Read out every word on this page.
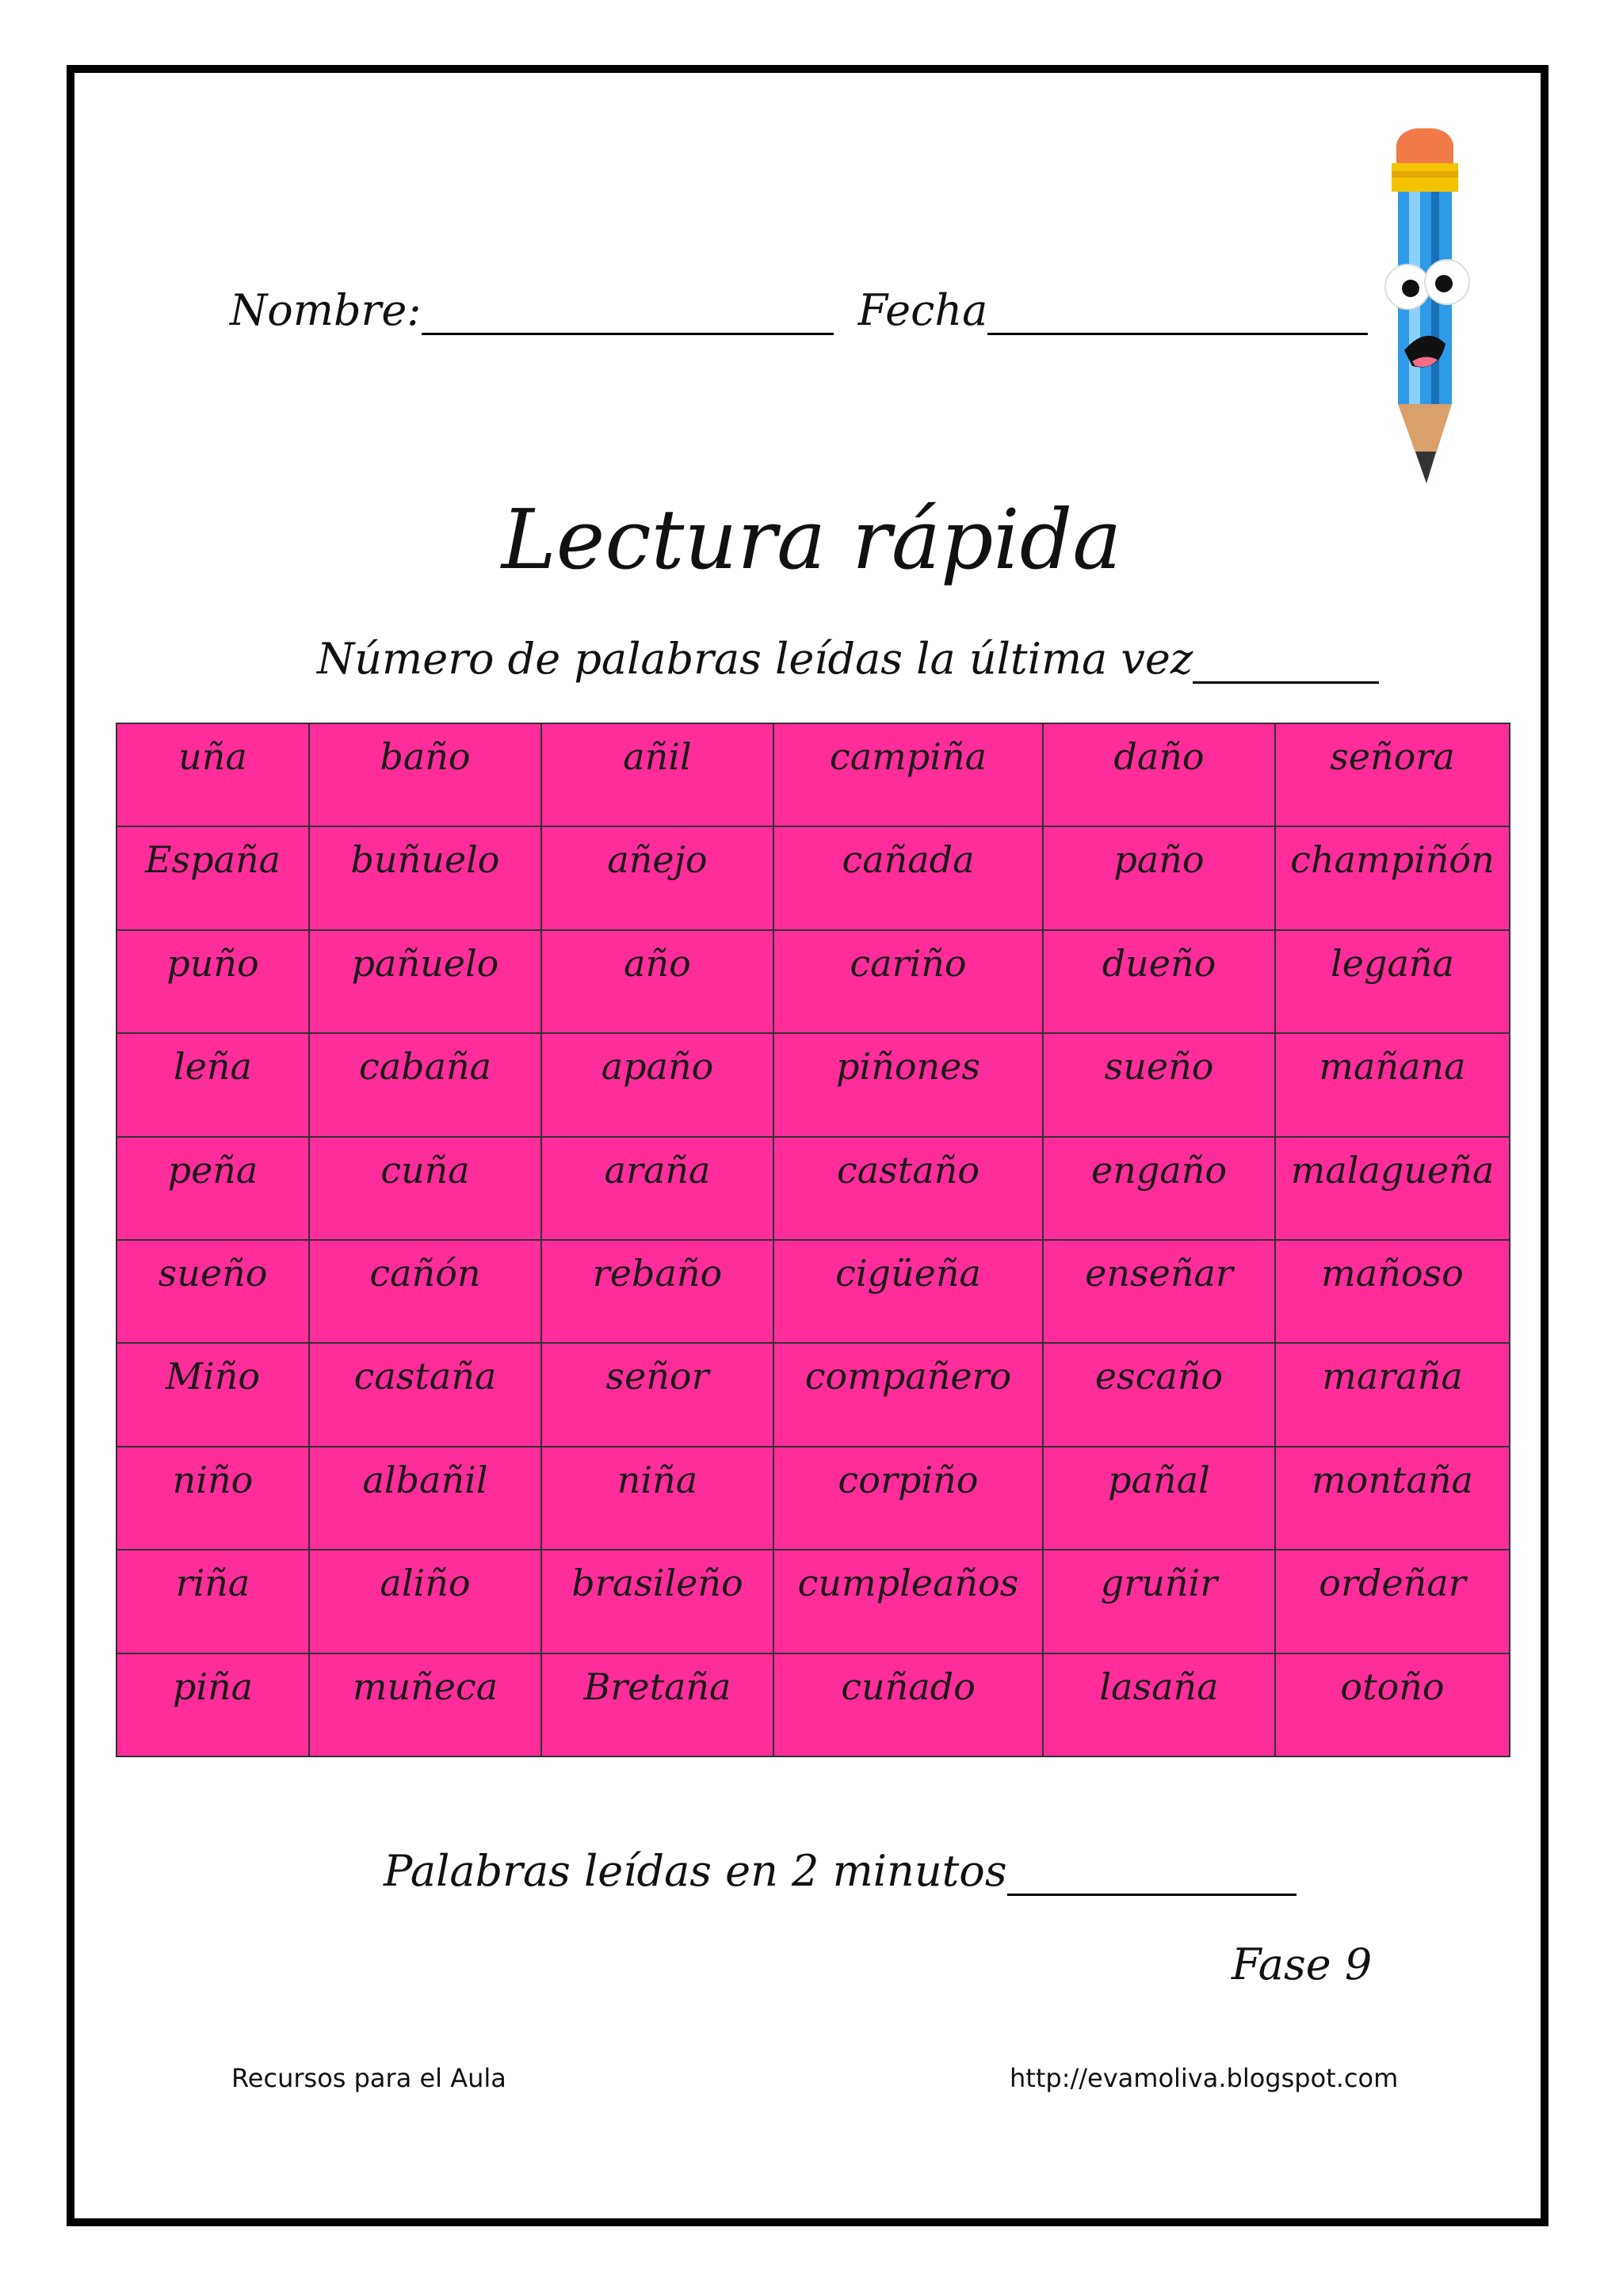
Nombre:	Fecha
Lectura rápida
Número de palabras leídas la última vez
uña	baño	añil	campiña	daño	señora
España	buñuelo	añejo	cañada	paño	champiñón
puño	pañuelo	año	cariño	dueño	legaña
leña	cabaña	apaño	piñones	sueño	mañana
peña	cuña	araña	castaño	engaño	malagueña
sueño	cañón	rebaño	cigüeña	enseñar	mañoso
Miño	castaña	señor	compañero	escaño	maraña
niño	albañil	niña	corpiño	pañal	montaña
riña	aliño	brasileño	cumpleaños	gruñir	ordeñar
piña	muñeca	Bretaña	cuñado	lasaña	otoño
Palabras leídas en 2 minutos
Fase 9
Recursos para el Aula	http://evamoliva.blogspot.com
